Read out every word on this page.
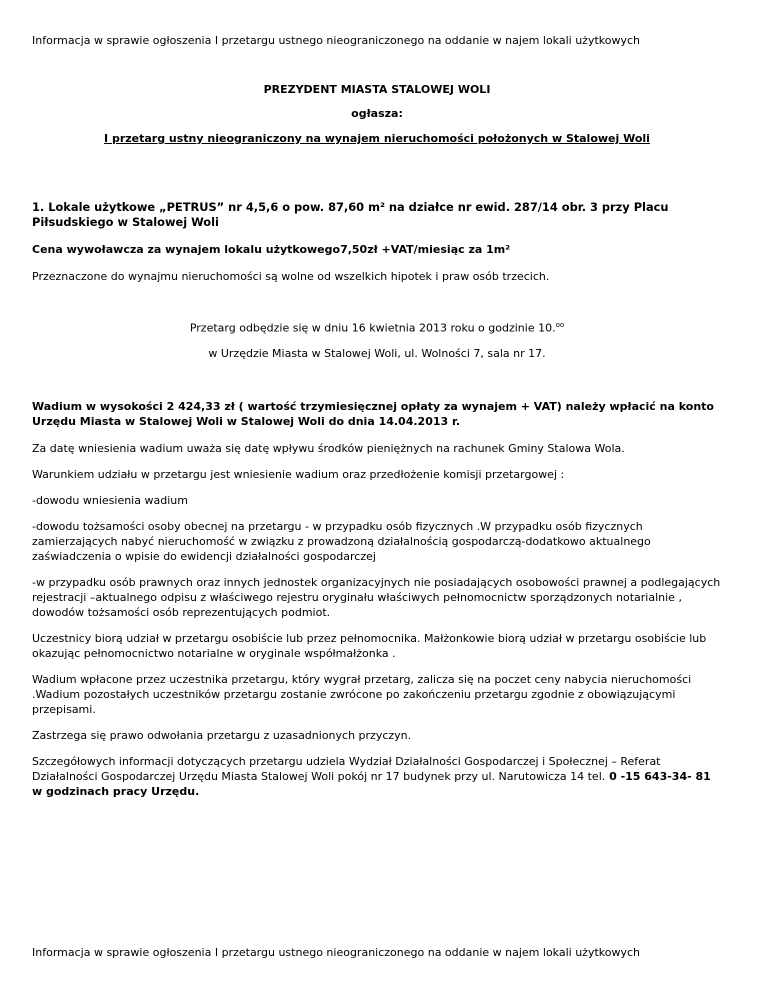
Informacja w sprawie ogłoszenia I przetargu ustnego nieograniczonego na oddanie w najem lokali użytkowych

PREZYDENT MIASTA STALOWEJ WOLI

ogłasza:

I przetarg ustny nieograniczony na wynajem nieruchomości położonych w Stalowej Woli

1. Lokale użytkowe „PETRUS” nr 4,5,6 o pow. 87,60 m² na działce nr ewid. 287/14 obr. 3 przy Placu Piłsudskiego w Stalowej Woli

Cena wywoławcza za wynajem lokalu użytkowego7,50zł +VAT/miesiąc za 1m²

Przeznaczone do wynajmu nieruchomości są wolne od wszelkich hipotek i praw osób trzecich.

Przetarg odbędzie się w dniu 16 kwietnia 2013 roku o godzinie 10.$^{oo}$

w Urzędzie Miasta w Stalowej Woli, ul. Wolności 7, sala nr 17.

Wadium w wysokości 2 424,33 zł ( wartość trzymiesięcznej opłaty za wynajem + VAT) należy wpłacić na konto Urzędu Miasta w Stalowej Woli w Stalowej Woli do dnia 14.04.2013 r.

Za datę wniesienia wadium uważa się datę wpływu środków pieniężnych na rachunek Gminy Stalowa Wola.

Warunkiem udziału w przetargu jest wniesienie wadium oraz przedłożenie komisji przetargowej :

-dowodu wniesienia wadium

-dowodu tożsamości osoby obecnej na przetargu - w przypadku osób fizycznych .W przypadku osób fizycznych zamierzających nabyć nieruchomość w związku z prowadzoną działalnością gospodarczą-dodatkowo aktualnego zaświadczenia o wpisie do ewidencji działalności gospodarczej

-w przypadku osób prawnych oraz innych jednostek organizacyjnych nie posiadających osobowości prawnej a podlegających rejestracji –aktualnego odpisu z właściwego rejestru oryginału właściwych pełnomocnictw sporządzonych notarialnie , dowodów tożsamości osób reprezentujących podmiot.

Uczestnicy biorą udział w przetargu osobiście lub przez pełnomocnika. Małżonkowie biorą udział w przetargu osobiście lub okazując pełnomocnictwo notarialne w oryginale współmałżonka .

Wadium wpłacone przez uczestnika przetargu, który wygrał przetarg, zalicza się na poczet ceny nabycia nieruchomości .Wadium pozostałych uczestników przetargu zostanie zwrócone po zakończeniu przetargu zgodnie z obowiązującymi przepisami.

Zastrzega się prawo odwołania przetargu z uzasadnionych przyczyn.

Szczegółowych informacji dotyczących przetargu udziela Wydział Działalności Gospodarczej i Społecznej – Referat Działalności Gospodarczej Urzędu Miasta Stalowej Woli pokój nr 17 budynek przy ul. Narutowicza 14 tel. 0 -15 643-34- 81 w godzinach pracy Urzędu.

Informacja w sprawie ogłoszenia I przetargu ustnego nieograniczonego na oddanie w najem lokali użytkowych
